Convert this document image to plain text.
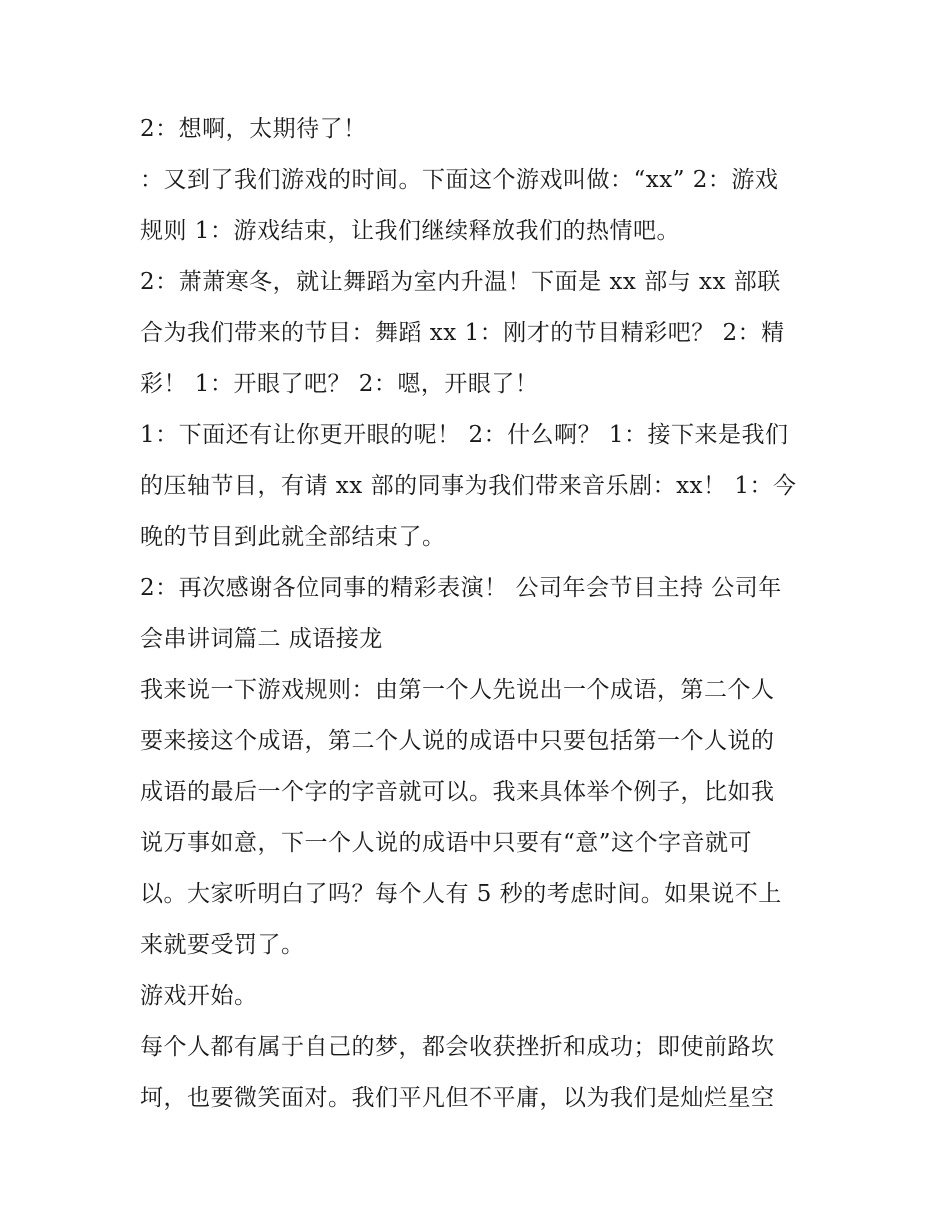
2：想啊，太期待了！
：又到了我们游戏的时间。下面这个游戏叫做：“xx” 2：游戏
规则 1：游戏结束，让我们继续释放我们的热情吧。
2：萧萧寒冬，就让舞蹈为室内升温！下面是 xx 部与 xx 部联
合为我们带来的节目：舞蹈 xx 1：刚才的节目精彩吧？ 2：精
彩！ 1：开眼了吧？ 2：嗯，开眼了！
1：下面还有让你更开眼的呢！ 2：什么啊？ 1：接下来是我们
的压轴节目，有请 xx 部的同事为我们带来音乐剧：xx！ 1：今
晚的节目到此就全部结束了。
2：再次感谢各位同事的精彩表演！ 公司年会节目主持 公司年
会串讲词篇二 成语接龙
我来说一下游戏规则：由第一个人先说出一个成语，第二个人
要来接这个成语，第二个人说的成语中只要包括第一个人说的
成语的最后一个字的字音就可以。我来具体举个例子，比如我
说万事如意，下一个人说的成语中只要有“意”这个字音就可
以。大家听明白了吗？每个人有 5 秒的考虑时间。如果说不上
来就要受罚了。
游戏开始。
每个人都有属于自己的梦，都会收获挫折和成功；即使前路坎
坷，也要微笑面对。我们平凡但不平庸，以为我们是灿烂星空
